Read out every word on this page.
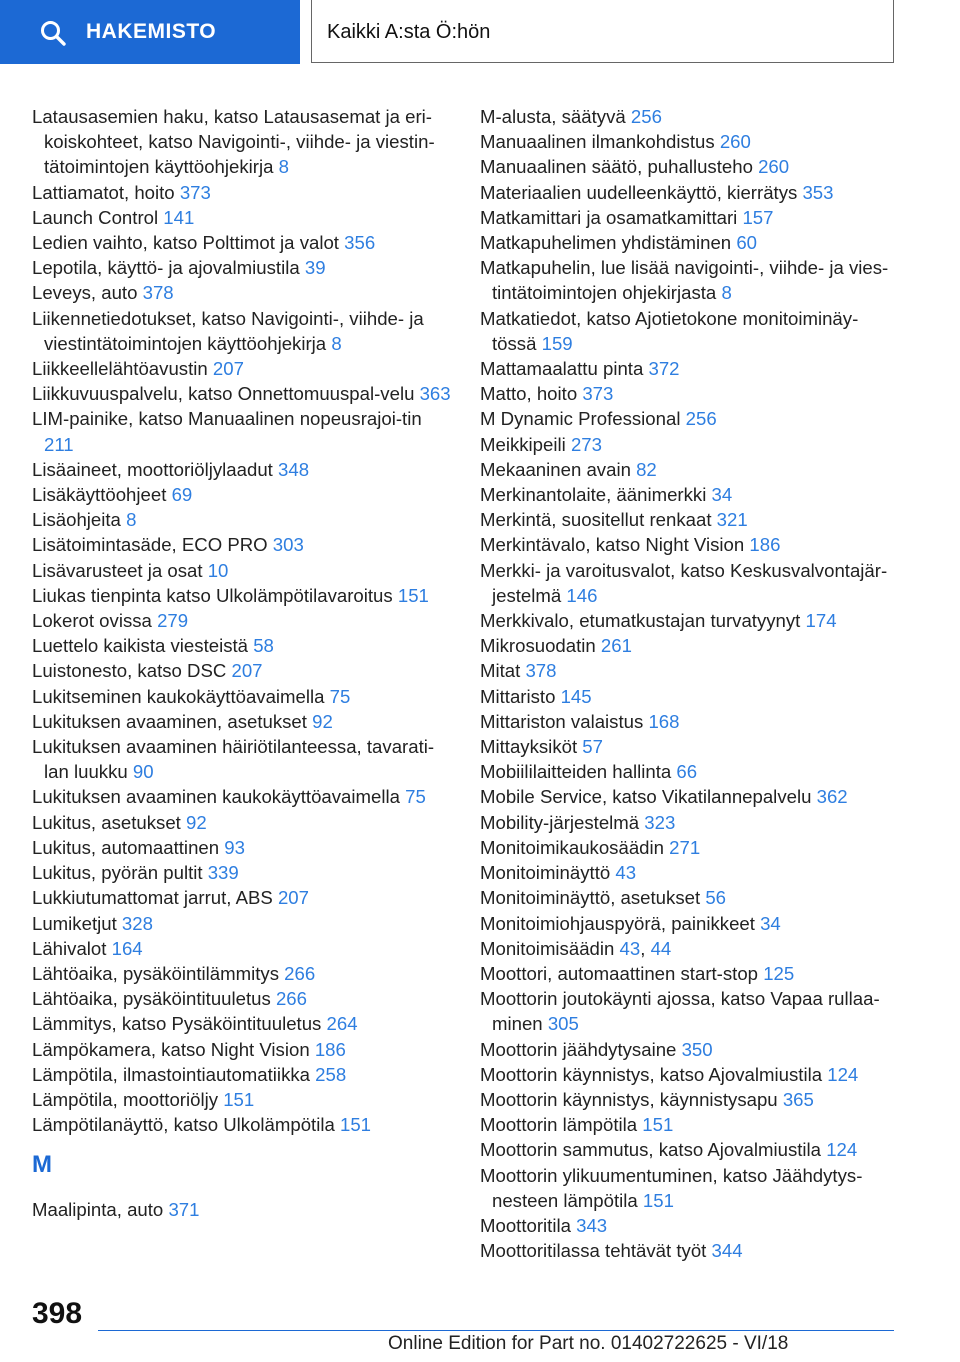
HAKEMISTO	Kaikki A:sta Ö:hön
Latausasemien haku, katso Latausasemat ja eri‐koiskohteet, katso Navigointi-, viihde- ja viestin‐tätoimintojen käyttöohjekirja 8
Lattiamatot, hoito 373
Launch Control 141
Ledien vaihto, katso Polttimot ja valot 356
Lepotila, käyttö- ja ajovalmiustila 39
Leveys, auto 378
Liikennetiedotukset, katso Navigointi-, viihde- ja viestintätoimintojen käyttöohjekirja 8
Liikkeellelähtöavustin 207
Liikkuvuuspalvelu, katso Onnettomuuspal‐velu 363
LIM-painike, katso Manuaalinen nopeusrajoi‐tin 211
Lisäaineet, moottoriöljylaadut 348
Lisäkäyttöohjeet 69
Lisäohjeita 8
Lisätoimintasäde, ECO PRO 303
Lisävarusteet ja osat 10
Liukas tienpinta katso Ulkolämpötilavaroitus 151
Lokerot ovissa 279
Luettelo kaikista viesteistä 58
Luistonesto, katso DSC 207
Lukitseminen kaukokäyttöavaimella 75
Lukituksen avaaminen, asetukset 92
Lukituksen avaaminen häiriötilanteessa, tavarati‐lan luukku 90
Lukituksen avaaminen kaukokäyttöavaimella 75
Lukitus, asetukset 92
Lukitus, automaattinen 93
Lukitus, pyörän pultit 339
Lukkiutumattomat jarrut, ABS 207
Lumiketjut 328
Lähivalot 164
Lähtöaika, pysäköintilämmitys 266
Lähtöaika, pysäköintituuletus 266
Lämmitys, katso Pysäköintituuletus 264
Lämpökamera, katso Night Vision 186
Lämpötila, ilmastointiautomatiikka 258
Lämpötila, moottoriöljy 151
Lämpötilanäyttö, katso Ulkolämpötila 151
M
Maalipinta, auto 371
M-alusta, säätyvä 256
Manuaalinen ilmankohdistus 260
Manuaalinen säätö, puhallusteho 260
Materiaalien uudelleenkäyttö, kierrätys 353
Matkamittari ja osamatkamittari 157
Matkapuhelimen yhdistäminen 60
Matkapuhelin, lue lisää navigointi-, viihde- ja vies‐tintätoimintojen ohjekirjasta 8
Matkatiedot, katso Ajotietokone monitoiminäy‐tössä 159
Mattamaalattu pinta 372
Matto, hoito 373
M Dynamic Professional 256
Meikkipeili 273
Mekaaninen avain 82
Merkinantolaite, äänimerkki 34
Merkintä, suositellut renkaat 321
Merkintävalo, katso Night Vision 186
Merkki- ja varoitusvalot, katso Keskusvalvontajär‐jestelmä 146
Merkkivalo, etumatkustajan turvatyynyt 174
Mikrosuodatin 261
Mitat 378
Mittaristo 145
Mittariston valaistus 168
Mittayksiköt 57
Mobiililaitteiden hallinta 66
Mobile Service, katso Vikatilannepalvelu 362
Mobility-järjestelmä 323
Monitoimikaukosäädin 271
Monitoiminäyttö 43
Monitoiminäyttö, asetukset 56
Monitoimiohjauspyörä, painikkeet 34
Monitoimisäädin 43, 44
Moottori, automaattinen start-stop 125
Moottorin joutokäynti ajossa, katso Vapaa rullaa‐minen 305
Moottorin jäähdytysaine 350
Moottorin käynnistys, katso Ajovalmiustila 124
Moottorin käynnistys, käynnistysapu 365
Moottorin lämpötila 151
Moottorin sammutus, katso Ajovalmiustila 124
Moottorin ylikuumentuminen, katso Jäähdytys‐nesteen lämpötila 151
Moottoritila 343
Moottoritilassa tehtävät työt 344
398
Online Edition for Part no. 01402722625 - VI/18
